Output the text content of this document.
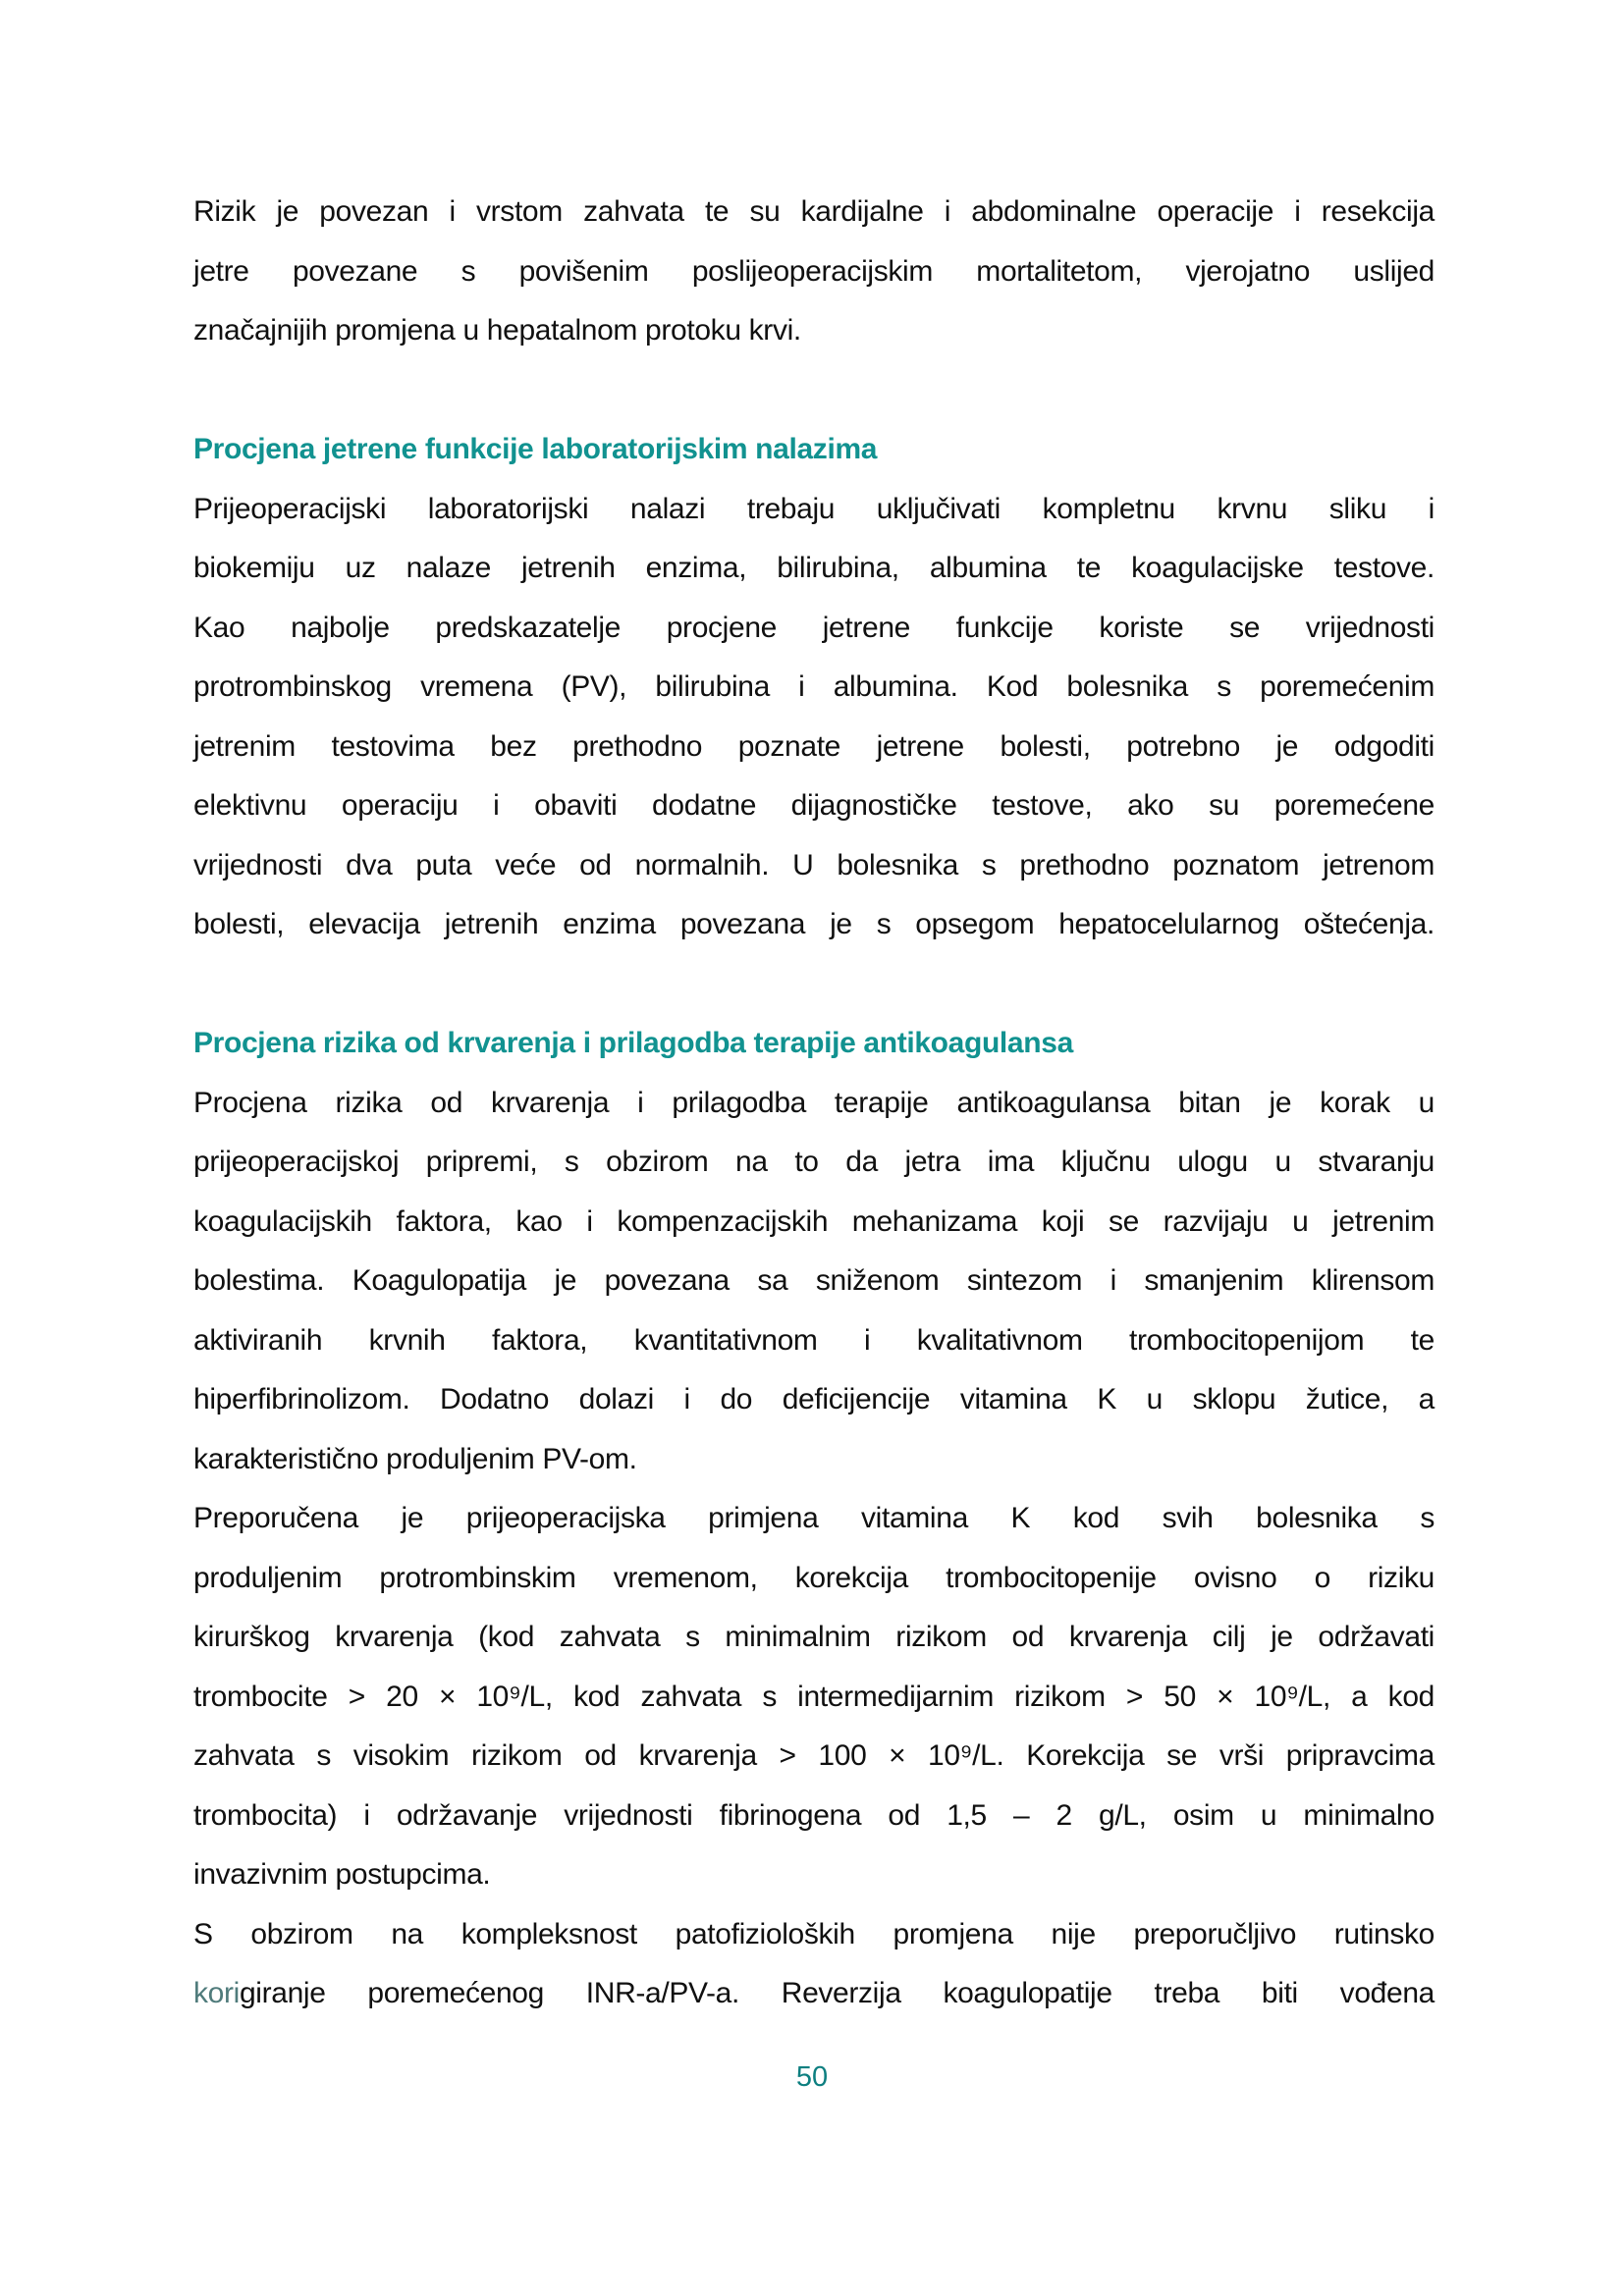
Rizik je povezan i vrstom zahvata te su kardijalne i abdominalne operacije i resekcija
jetre povezane s povišenim poslijeoperacijskim mortalitetom, vjerojatno uslijed
značajnijih promjena u hepatalnom protoku krvi.
Procjena jetrene funkcije laboratorijskim nalazima
Prijeoperacijski laboratorijski nalazi trebaju uključivati kompletnu krvnu sliku i
biokemiju uz nalaze jetrenih enzima, bilirubina, albumina te koagulacijske testove.
Kao najbolje predskazatelje procjene jetrene funkcije koriste se vrijednosti
protrombinskog vremena (PV), bilirubina i albumina. Kod bolesnika s poremećenim
jetrenim testovima bez prethodno poznate jetrene bolesti, potrebno je odgoditi
elektivnu operaciju i obaviti dodatne dijagnostičke testove, ako su poremećene
vrijednosti dva puta veće od normalnih. U bolesnika s prethodno poznatom jetrenom
bolesti, elevacija jetrenih enzima povezana je s opsegom hepatocelularnog oštećenja.
Procjena rizika od krvarenja i prilagodba terapije antikoagulansa
Procjena rizika od krvarenja i prilagodba terapije antikoagulansa bitan je korak u
prijeoperacijskoj pripremi, s obzirom na to da jetra ima ključnu ulogu u stvaranju
koagulacijskih faktora, kao i kompenzacijskih mehanizama koji se razvijaju u jetrenim
bolestima. Koagulopatija je povezana sa sniženom sintezom i smanjenim klirensom
aktiviranih krvnih faktora, kvantitativnom i kvalitativnom trombocitopenijom te
hiperfibrinolizom. Dodatno dolazi i do deficijencije vitamina K u sklopu žutice, a
karakteristično produljenim PV-om.
Preporučena je prijeoperacijska primjena vitamina K kod svih bolesnika s
produljenim protrombinskim vremenom, korekcija trombocitopenije ovisno o riziku
kirurškog krvarenja (kod zahvata s minimalnim rizikom od krvarenja cilj je održavati
trombocite > 20 × 10⁹/L, kod zahvata s intermedijarnim rizikom > 50 × 10⁹/L, a kod
zahvata s visokim rizikom od krvarenja > 100 × 10⁹/L. Korekcija se vrši pripravcima
trombocita) i održavanje vrijednosti fibrinogena od 1,5 – 2 g/L, osim u minimalno
invazivnim postupcima.
S obzirom na kompleksnost patofizioloških promjena nije preporučljivo rutinsko
korigiranje poremećenog INR-a/PV-a. Reverzija koagulopatije treba biti vođena
50
